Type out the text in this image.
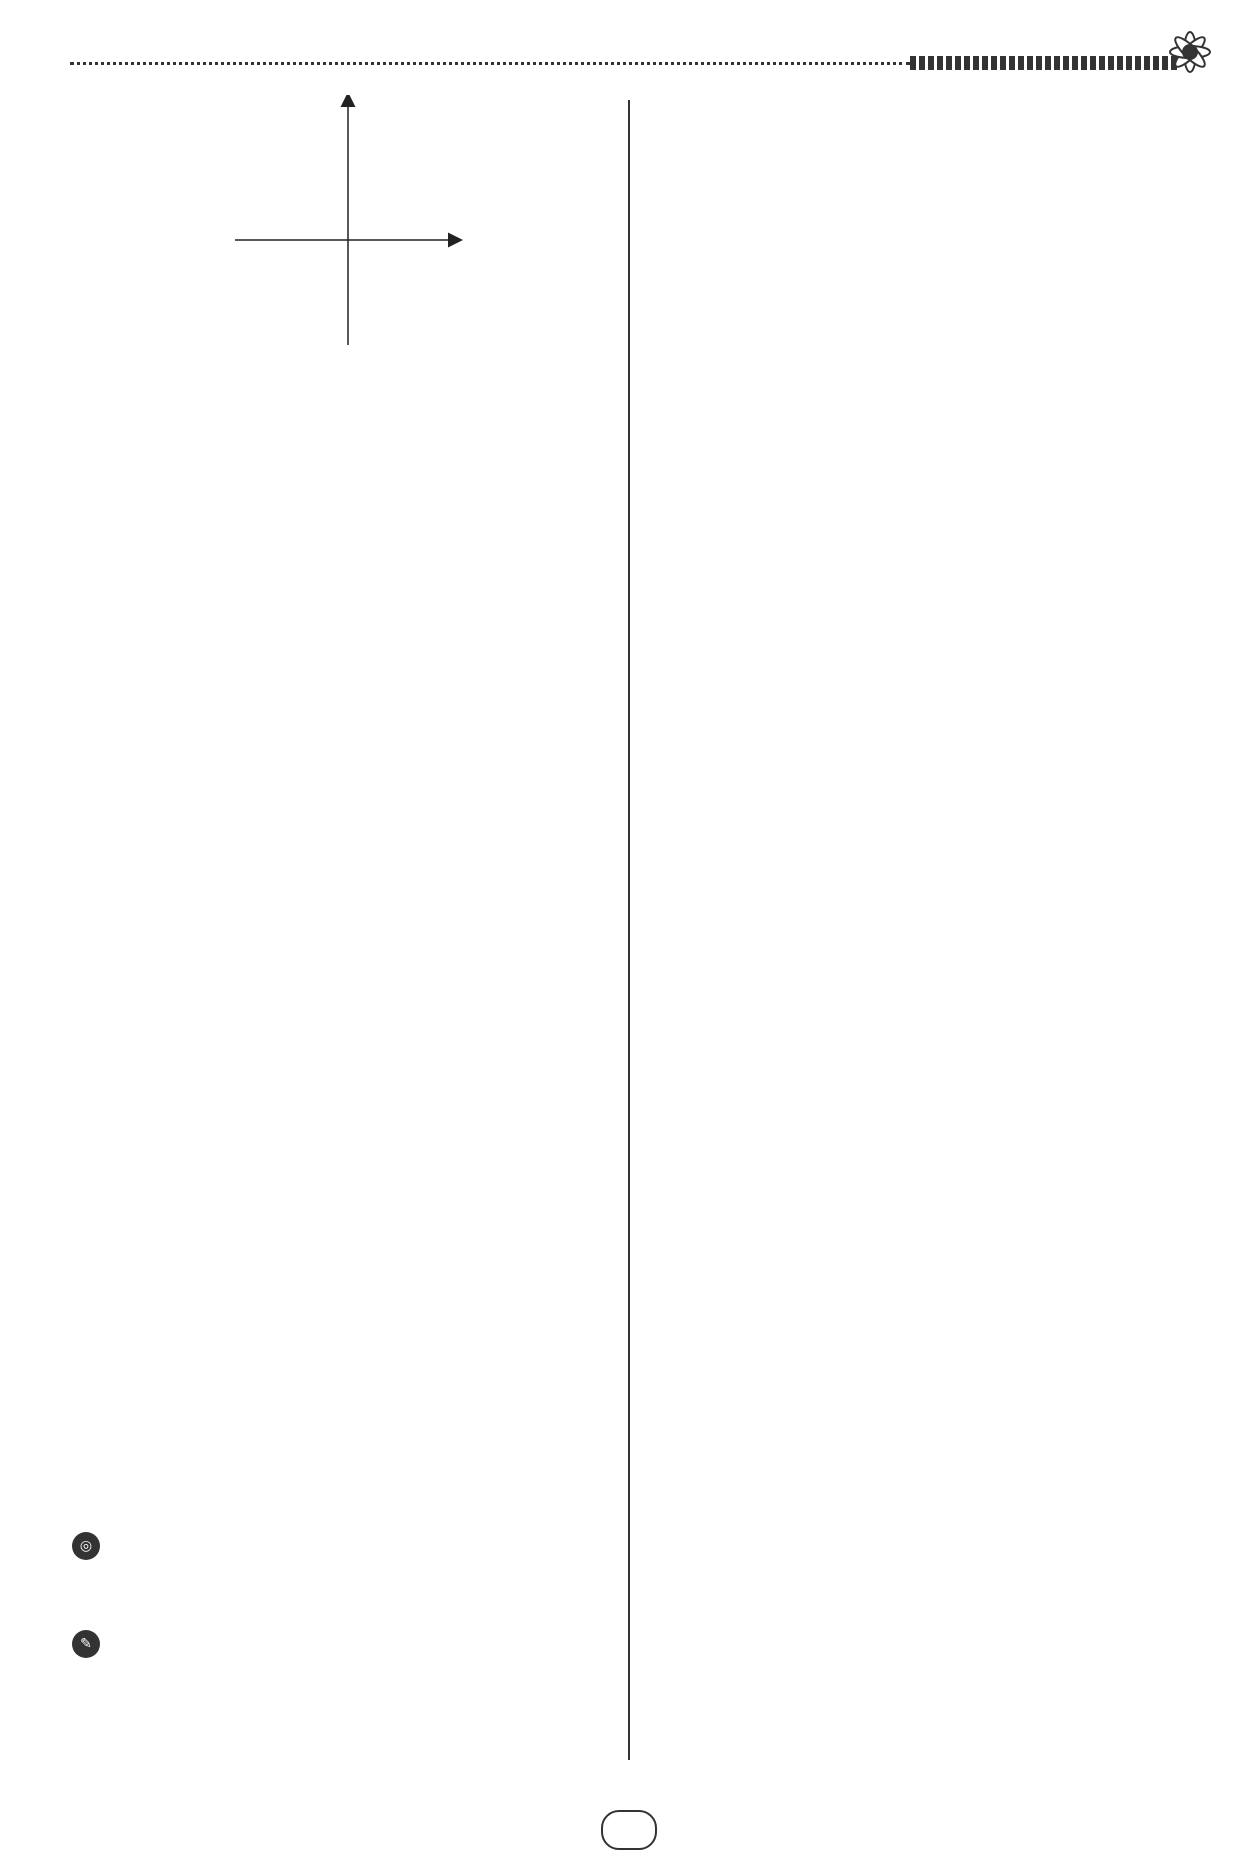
◎
✎
